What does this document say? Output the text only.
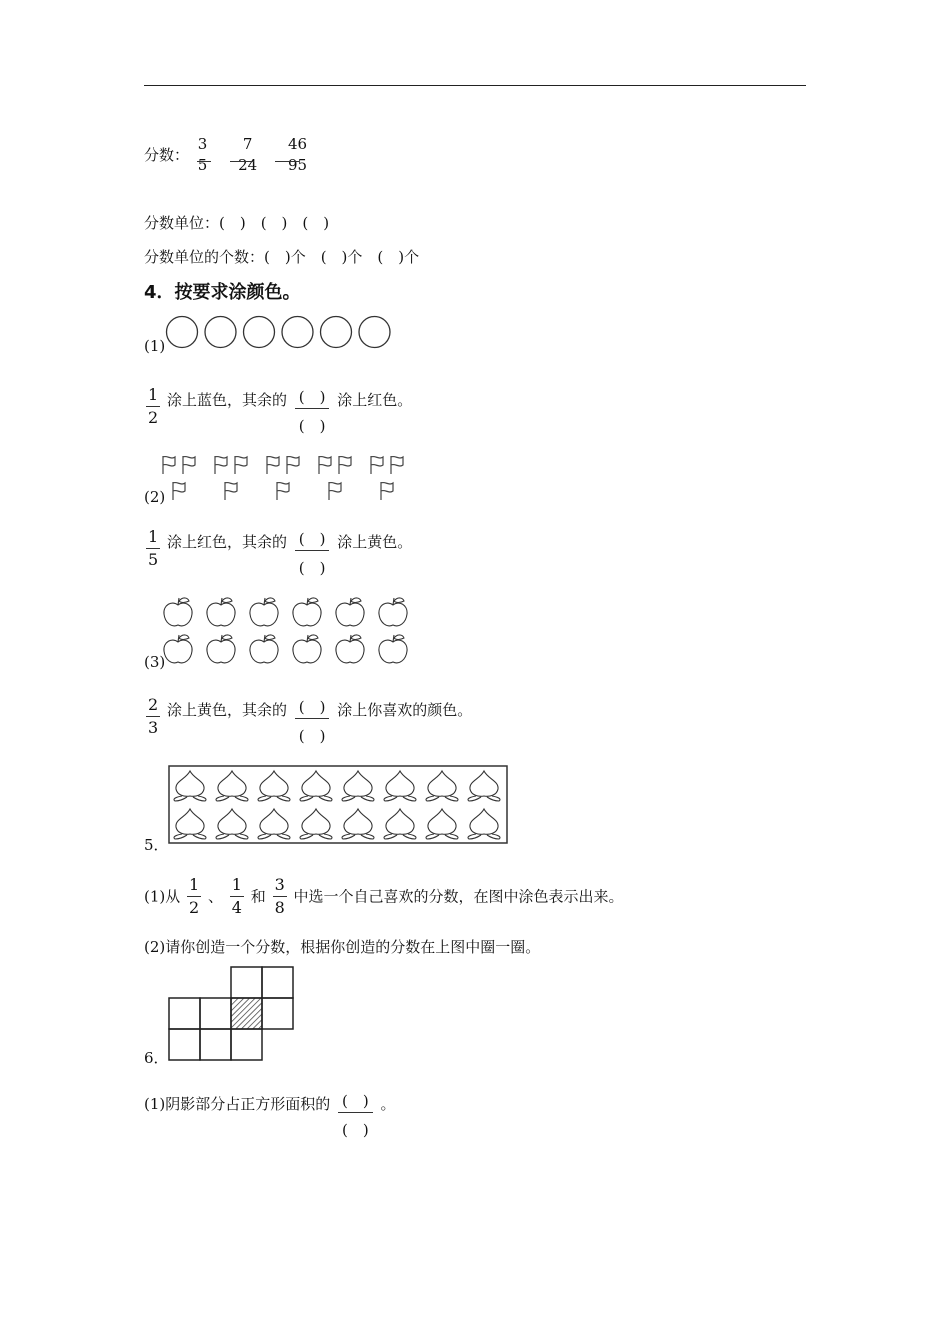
分数：
3
5

7
24

46
95
分数单位：(　)　(　)　(　)
分数单位的个数：(　)个　(　)个　(　)个
4．按要求涂颜色。
(1)
$\frac{1}{2}$ 涂上蓝色，其余的 (　)
(　)
涂上红色。
(2)
$\frac{1}{5}$ 涂上红色，其余的 (　)
(　)
涂上黄色。
(3)
$\frac{2}{3}$ 涂上黄色，其余的 (　)
(　)
涂上你喜欢的颜色。
5．
(1)从 $\frac{1}{2}$ 、 $\frac{1}{4}$ 和 $\frac{3}{8}$ 中选一个自己喜欢的分数，在图中涂色表示出来。
(2)请你创造一个分数，根据你创造的分数在上图中圈一圈。
6．
(1)阴影部分占正方形面积的 (　)
(　)
。
